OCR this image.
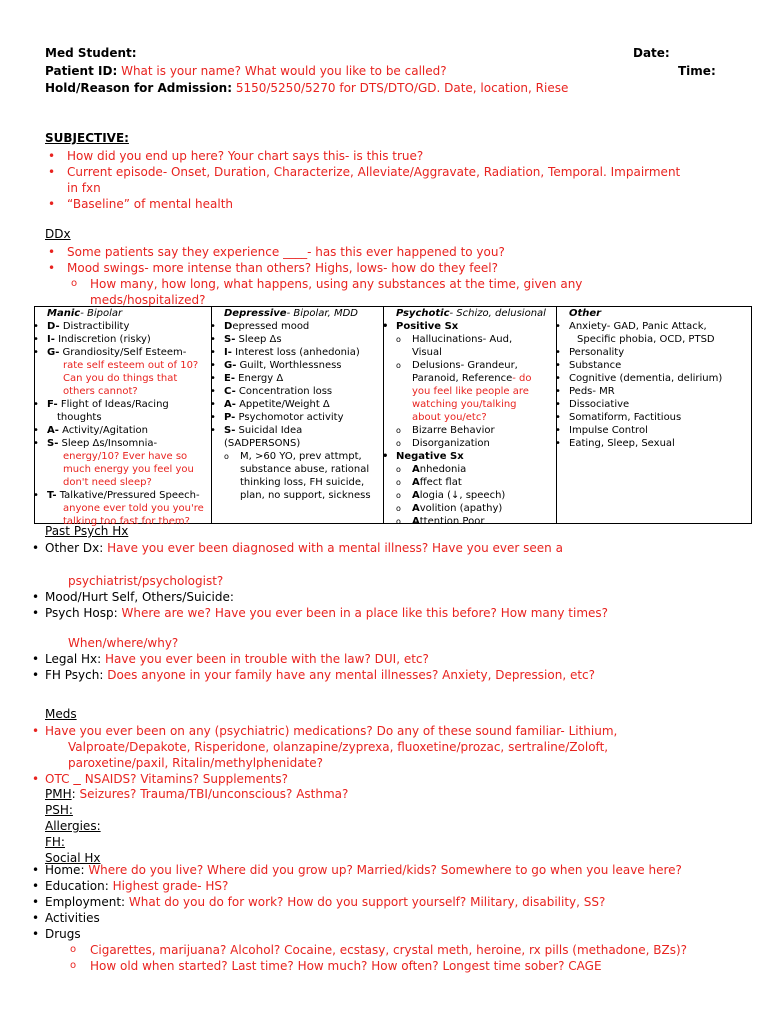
Med Student:	Date:
Patient ID: What is your name? What would you like to be called?	Time:
Hold/Reason for Admission: 5150/5250/5270 for DTS/DTO/GD. Date, location, Riese
SUBJECTIVE:
• How did you end up here? Your chart says this- is this true?
• Current episode- Onset, Duration, Characterize, Alleviate/Aggravate, Radiation, Temporal. Impairment
in fxn
• “Baseline” of mental health
DDx
• Some patients say they experience ____- has this ever happened to you?
• Mood swings- more intense than others? Highs, lows- how do they feel?
o How many, how long, what happens, using any substances at the time, given any
meds/hospitalized?
Manic- Bipolar
• D- Distractibility
• I- Indiscretion (risky)
• G- Grandiosity/Self Esteem-
rate self esteem out of 10?
Can you do things that
others cannot?
• F- Flight of Ideas/Racing
thoughts
• A- Activity/Agitation
• S- Sleep Δs/Insomnia-
energy/10? Ever have so
much energy you feel you
don't need sleep?
• T- Talkative/Pressured Speech-
anyone ever told you you're
talking too fast for them?
Depressive- Bipolar, MDD
• Depressed mood
• S- Sleep Δs
• I- Interest loss (anhedonia)
• G- Guilt, Worthlessness
• E- Energy Δ
• C- Concentration loss
• A- Appetite/Weight Δ
• P- Psychomotor activity
• S- Suicidal Idea (SADPERSONS)
o M, >60 YO, prev attmpt,
substance abuse, rational
thinking loss, FH suicide,
plan, no support, sickness
Psychotic- Schizo, delusional
• Positive Sx
o Hallucinations- Aud,
Visual
o Delusions- Grandeur,
Paranoid, Reference- do
you feel like people are
watching you/talking
about you/etc?
o Bizarre Behavior
o Disorganization
• Negative Sx
o Anhedonia
o Affect flat
o Alogia (↓, speech)
o Avolition (apathy)
o Attention Poor
Other
• Anxiety- GAD, Panic Attack,
Specific phobia, OCD, PTSD
• Personality
• Substance
• Cognitive (dementia, delirium)
• Peds- MR
• Dissociative
• Somatiform, Factitious
• Impulse Control
• Eating, Sleep, Sexual
Past Psych Hx
• Other Dx: Have you ever been diagnosed with a mental illness? Have you ever seen a
psychiatrist/psychologist?
• Mood/Hurt Self, Others/Suicide:
• Psych Hosp: Where are we? Have you ever been in a place like this before? How many times?
When/where/why?
• Legal Hx: Have you ever been in trouble with the law? DUI, etc?
• FH Psych: Does anyone in your family have any mental illnesses? Anxiety, Depression, etc?
Meds
• Have you ever been on any (psychiatric) medications? Do any of these sound familiar- Lithium,
Valproate/Depakote, Risperidone, olanzapine/zyprexa, fluoxetine/prozac, sertraline/Zoloft,
paroxetine/paxil, Ritalin/methylphenidate?
• OTC NSAIDS? Vitamins? Supplements?
PMH: Seizures? Trauma/TBI/unconscious? Asthma?
PSH:
Allergies:
FH:
Social Hx
• Home: Where do you live? Where did you grow up? Married/kids? Somewhere to go when you leave here?
• Education: Highest grade- HS?
• Employment: What do you do for work? How do you support yourself? Military, disability, SS?
• Activities
• Drugs
o Cigarettes, marijuana? Alcohol? Cocaine, ecstasy, crystal meth, heroine, rx pills (methadone, BZs)?
o How old when started? Last time? How much? How often? Longest time sober? CAGE
